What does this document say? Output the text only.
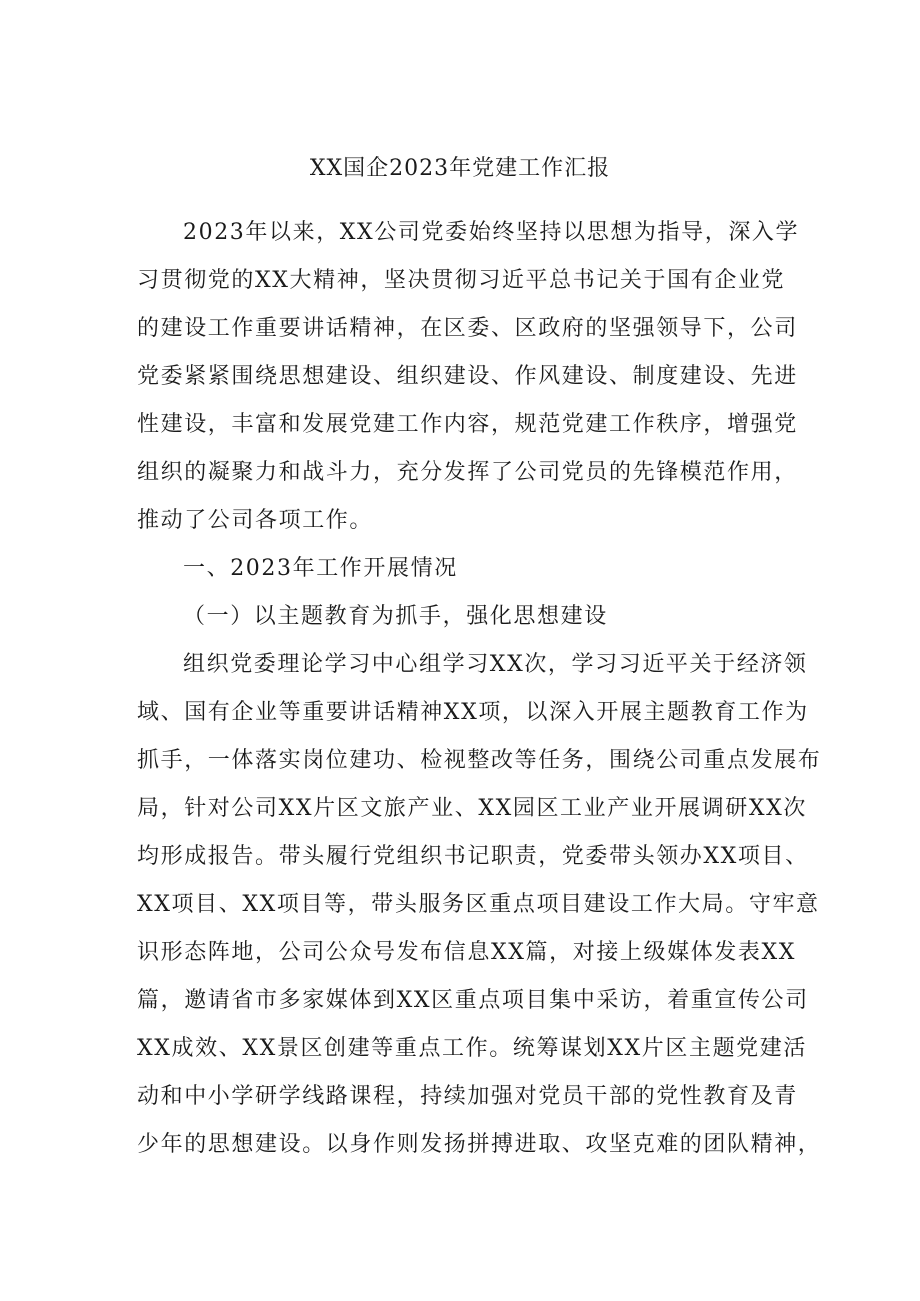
XX国企2023年党建工作汇报
2023年以来，XX公司党委始终坚持以思想为指导，深入学
习贯彻党的XX大精神，坚决贯彻习近平总书记关于国有企业党
的建设工作重要讲话精神，在区委、区政府的坚强领导下，公司
党委紧紧围绕思想建设、组织建设、作风建设、制度建设、先进
性建设，丰富和发展党建工作内容，规范党建工作秩序，增强党
组织的凝聚力和战斗力，充分发挥了公司党员的先锋模范作用，
推动了公司各项工作。
一、2023年工作开展情况
（一）以主题教育为抓手，强化思想建设
组织党委理论学习中心组学习XX次，学习习近平关于经济领
域、国有企业等重要讲话精神XX项，以深入开展主题教育工作为
抓手，一体落实岗位建功、检视整改等任务，围绕公司重点发展布
局，针对公司XX片区文旅产业、XX园区工业产业开展调研XX次
均形成报告。带头履行党组织书记职责，党委带头领办XX项目、
XX项目、XX项目等，带头服务区重点项目建设工作大局。守牢意
识形态阵地，公司公众号发布信息XX篇，对接上级媒体发表XX
篇，邀请省市多家媒体到XX区重点项目集中采访，着重宣传公司
XX成效、XX景区创建等重点工作。统筹谋划XX片区主题党建活
动和中小学研学线路课程，持续加强对党员干部的党性教育及青
少年的思想建设。以身作则发扬拼搏进取、攻坚克难的团队精神，
